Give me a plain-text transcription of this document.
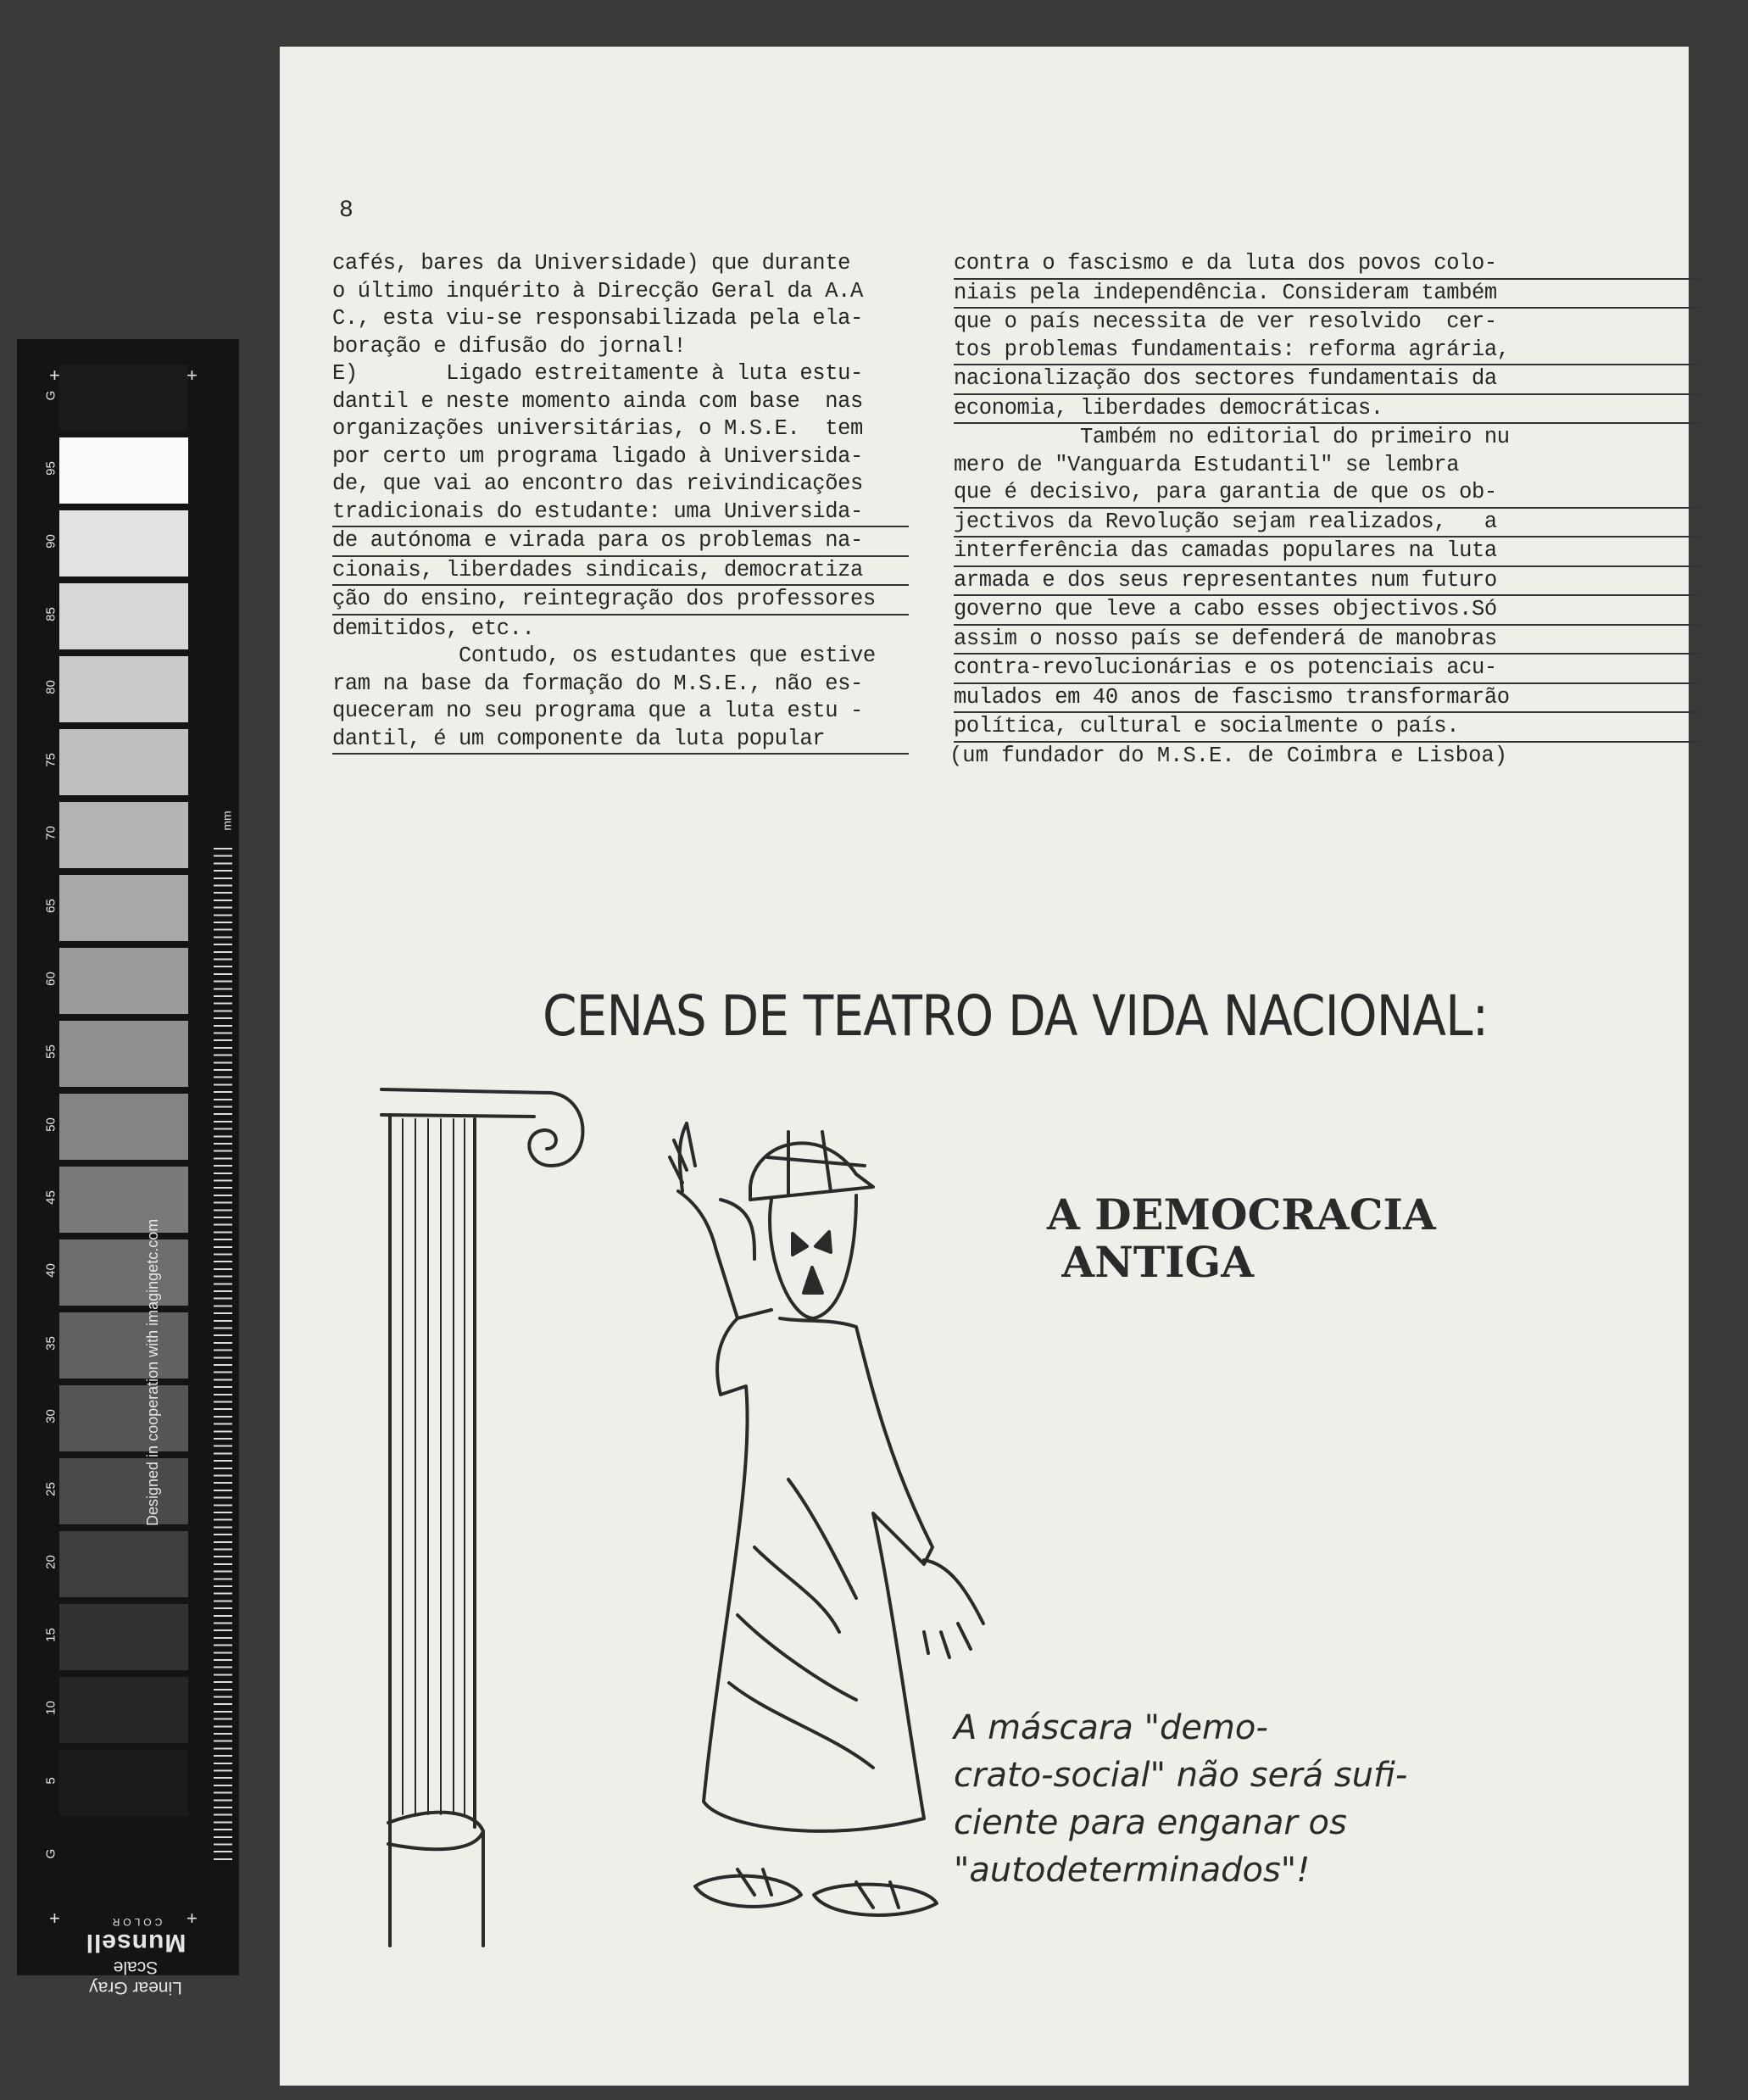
+	+
+	+
Designed in cooperation with imagingetc.com
mm
Linear Gray Scale
Munsell
COLOR
G
95
90
85
80
75
70
65
60
55
50
45
40
35
30
25
20
15
10
5
G
8
cafés, bares da Universidade) que durante
o último inquérito à Direcção Geral da A.A
C., esta viu-se responsabilizada pela ela-
boração e difusão do jornal!
E)       Ligado estreitamente à luta estu-
dantil e neste momento ainda com base  nas
organizações universitárias, o M.S.E.  tem
por certo um programa ligado à Universida-
de, que vai ao encontro das reivindicações
tradicionais do estudante: uma Universida-
de autónoma e virada para os problemas na-
cionais, liberdades sindicais, democratiza
ção do ensino, reintegração dos professores
demitidos, etc..
Contudo, os estudantes que estive
ram na base da formação do M.S.E., não es-
queceram no seu programa que a luta estu -
dantil, é um componente da luta popular
contra o fascismo e da luta dos povos colo-
niais pela independência. Consideram também
que o país necessita de ver resolvido  cer-
tos problemas fundamentais: reforma agrária,
nacionalização dos sectores fundamentais da
economia, liberdades democráticas.
Também no editorial do primeiro nu
mero de "Vanguarda Estudantil" se lembra
que é decisivo, para garantia de que os ob-
jectivos da Revolução sejam realizados,   a
interferência das camadas populares na luta
armada e dos seus representantes num futuro
governo que leve a cabo esses objectivos.Só
assim o nosso país se defenderá de manobras
contra-revolucionárias e os potenciais acu-
mulados em 40 anos de fascismo transformarão
política, cultural e socialmente o país.
(um fundador do M.S.E. de Coimbra e Lisboa)
CENAS DE TEATRO DA VIDA NACIONAL:
A DEMOCRACIA
ANTIGA
A máscara "demo-
crato-social" não será sufi-
ciente para enganar os
"autodeterminados"!
